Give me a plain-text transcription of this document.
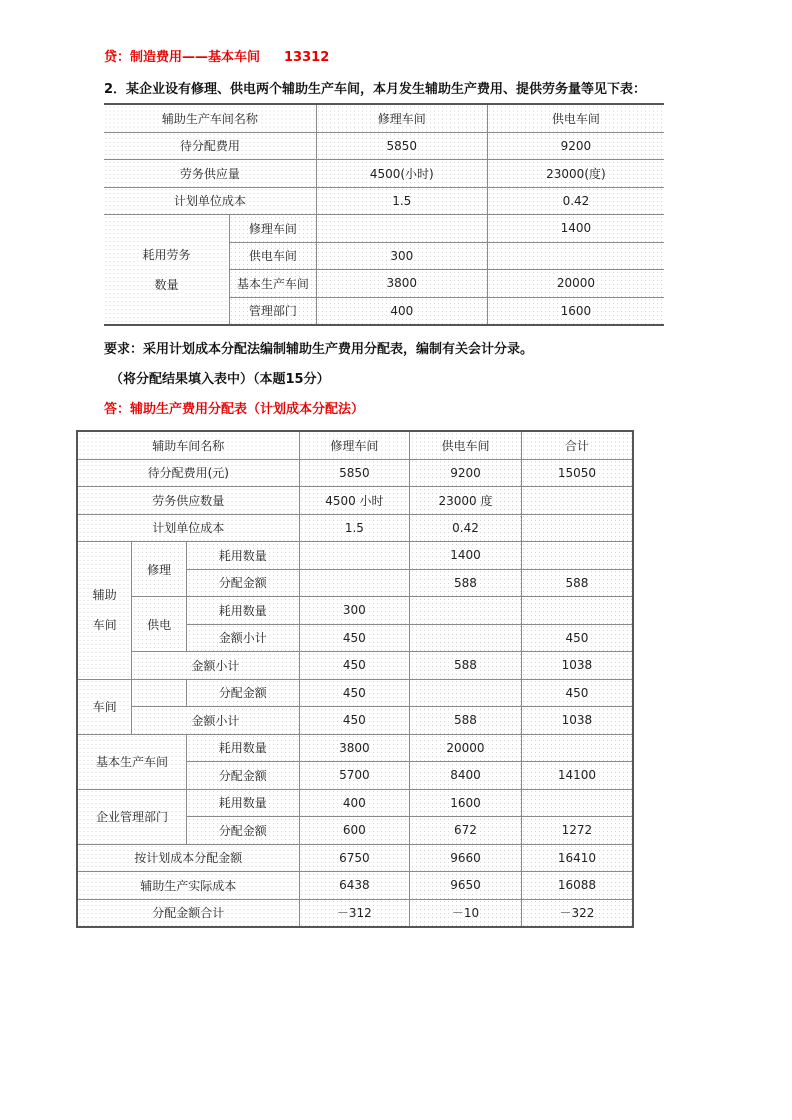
贷：制造费用——基本车间 13312
2．某企业设有修理、供电两个辅助生产车间，本月发生辅助生产费用、提供劳务量等见下表：
辅助生产车间名称		修理车间	供电车间
待分配费用		5850	9200
劳务供应量		4500(小时)	23000(度)
计划单位成本		1.5	0.42

耗用劳务
数量	修理车间		1400
	供电车间	300	
	基本生产车间	3800	20000
	管理部门	400	1600
要求：采用计划成本分配法编制辅助生产费用分配表，编制有关会计分录。
（将分配结果填入表中）（本题15分）
答：辅助生产费用分配表（计划成本分配法）
辅助车间名称			修理车间	供电车间	合计
待分配费用(元)			5850	9200	15050
劳务供应数量			4500 小时	23000 度	
计划单位成本			1.5	0.42	

辅助
车间	修理	耗用数量		1400	
		分配金额		588	588
	供电	耗用数量	300		
		金额小计	450		450
	金额小计		450	588	1038
车间		分配金额	450		450
	金额小计		450	588	1038
基本生产车间		耗用数量	3800	20000	
		分配金额	5700	8400	14100
企业管理部门		耗用数量	400	1600	
		分配金额	600	672	1272
按计划成本分配金额			6750	9660	16410
辅助生产实际成本			6438	9650	16088
分配金额合计			－312	－10	－322
